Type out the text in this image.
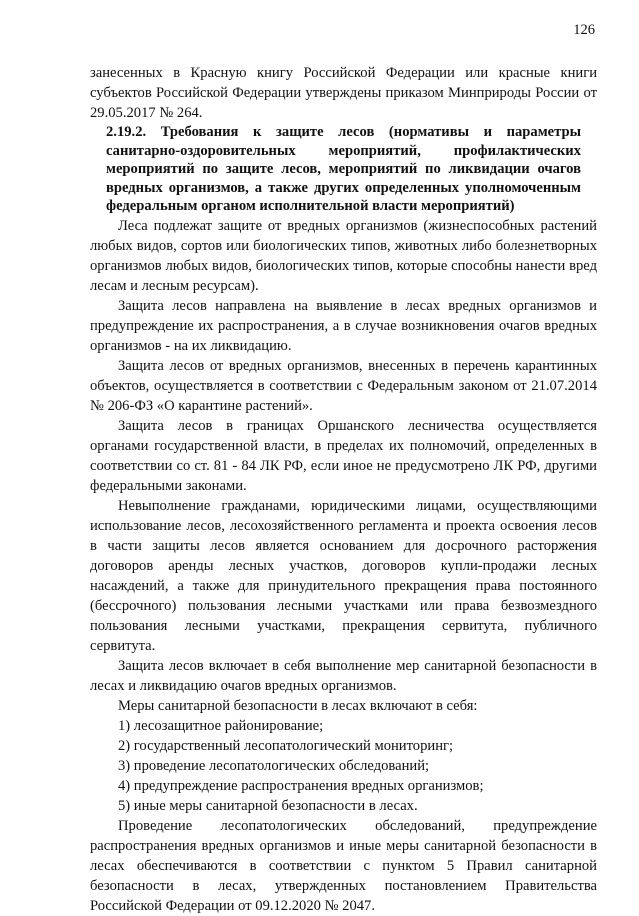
126

занесенных в Красную книгу Российской Федерации или красные книги субъектов Российской Федерации утверждены приказом Минприроды России от 29.05.2017 № 264.

2.19.2. Требования к защите лесов (нормативы и параметры санитарно-оздоровительных мероприятий, профилактических мероприятий по защите лесов, мероприятий по ликвидации очагов вредных организмов, а также других определенных уполномоченным федеральным органом исполнительной власти мероприятий)

Леса подлежат защите от вредных организмов (жизнеспособных растений любых видов, сортов или биологических типов, животных либо болезнетворных организмов любых видов, биологических типов, которые способны нанести вред лесам и лесным ресурсам).

Защита лесов направлена на выявление в лесах вредных организмов и предупреждение их распространения, а в случае возникновения очагов вредных организмов - на их ликвидацию.

Защита лесов от вредных организмов, внесенных в перечень карантинных объектов, осуществляется в соответствии с Федеральным законом от 21.07.2014 № 206-ФЗ «О карантине растений».

Защита лесов в границах Оршанского лесничества осуществляется органами государственной власти, в пределах их полномочий, определенных в соответствии со ст. 81 - 84 ЛК РФ, если иное не предусмотрено ЛК РФ, другими федеральными законами.

Невыполнение гражданами, юридическими лицами, осуществляющими использование лесов, лесохозяйственного регламента и проекта освоения лесов в части защиты лесов является основанием для досрочного расторжения договоров аренды лесных участков, договоров купли-продажи лесных насаждений, а также для принудительного прекращения права постоянного (бессрочного) пользования лесными участками или права безвозмездного пользования лесными участками, прекращения сервитута, публичного сервитута.

Защита лесов включает в себя выполнение мер санитарной безопасности в лесах и ликвидацию очагов вредных организмов.

Меры санитарной безопасности в лесах включают в себя:

1) лесозащитное районирование;

2) государственный лесопатологический мониторинг;

3) проведение лесопатологических обследований;

4) предупреждение распространения вредных организмов;

5) иные меры санитарной безопасности в лесах.

Проведение лесопатологических обследований, предупреждение распространения вредных организмов и иные меры санитарной безопасности в лесах обеспечиваются в соответствии с пунктом 5 Правил санитарной безопасности в лесах, утвержденных постановлением Правительства Российской Федерации от 09.12.2020 № 2047.
